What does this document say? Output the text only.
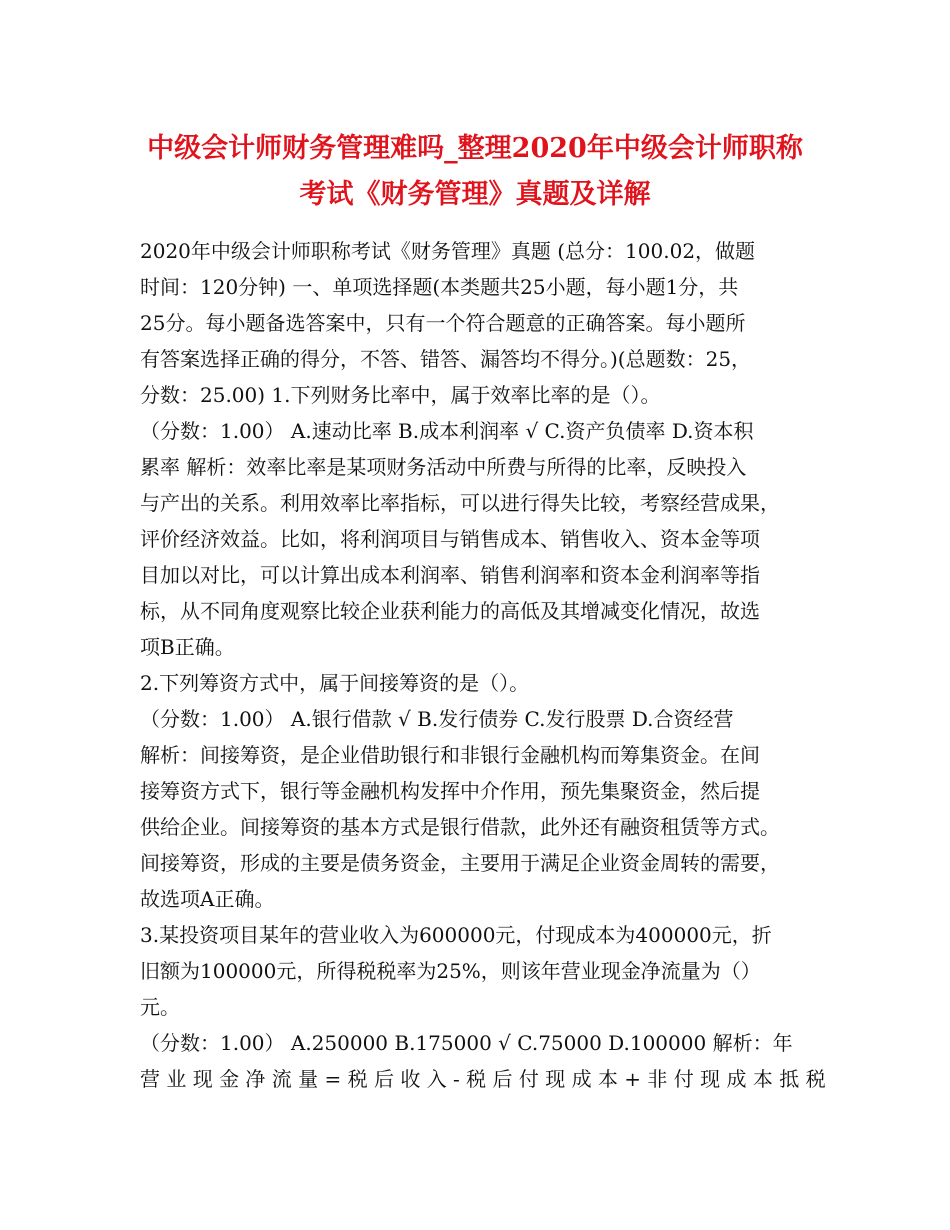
中级会计师财务管理难吗_整理2020年中级会计师职称
考试《财务管理》真题及详解
2020年中级会计师职称考试《财务管理》真题 (总分：100.02，做题
时间：120分钟) 一、单项选择题(本类题共25小题，每小题1分，共
25分。每小题备选答案中，只有一个符合题意的正确答案。每小题所
有答案选择正确的得分，不答、错答、漏答均不得分。)(总题数：25，
分数：25.00) 1.下列财务比率中，属于效率比率的是（）。
（分数：1.00） A.速动比率 B.成本利润率 √ C.资产负债率 D.资本积
累率 解析：效率比率是某项财务活动中所费与所得的比率，反映投入
与产出的关系。利用效率比率指标，可以进行得失比较，考察经营成果，
评价经济效益。比如，将利润项目与销售成本、销售收入、资本金等项
目加以对比，可以计算出成本利润率、销售利润率和资本金利润率等指
标，从不同角度观察比较企业获利能力的高低及其增减变化情况，故选
项B正确。
2.下列筹资方式中，属于间接筹资的是（）。
（分数：1.00） A.银行借款 √ B.发行债券 C.发行股票 D.合资经营
解析：间接筹资，是企业借助银行和非银行金融机构而筹集资金。在间
接筹资方式下，银行等金融机构发挥中介作用，预先集聚资金，然后提
供给企业。间接筹资的基本方式是银行借款，此外还有融资租赁等方式。
间接筹资，形成的主要是债务资金，主要用于满足企业资金周转的需要，
故选项A正确。
3.某投资项目某年的营业收入为600000元，付现成本为400000元，折
旧额为100000元，所得税税率为25%，则该年营业现金净流量为（）
元。
（分数：1.00） A.250000 B.175000 √ C.75000 D.100000 解析：年
营 业 现 金 净 流 量 = 税 后 收 入 - 税 后 付 现 成 本 + 非 付 现 成 本 抵 税
